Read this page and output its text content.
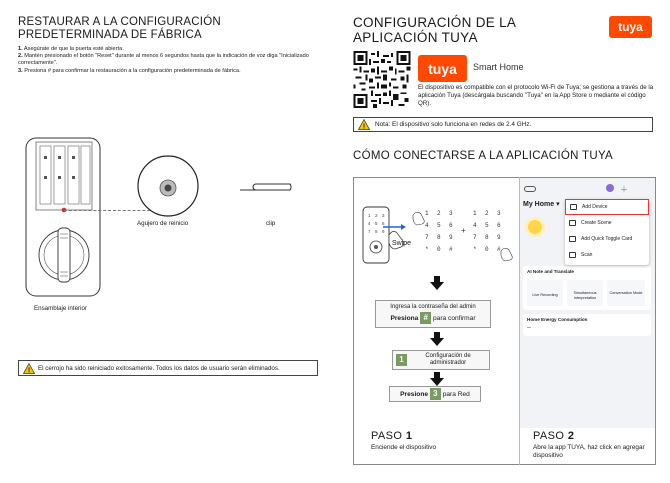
RESTAURAR A LA CONFIGURACIÓN PREDETERMINADA DE FÁBRICA
1. Asegúrate de que la puerta esté abierta.
2. Mantén presionado el botón "Reset" durante al menos 6 segundos hasta que la indicación de voz diga "Inicializado correctamente".
3. Presiona # para confirmar la restauración a la configuración predeterminada de fábrica.
Agujero de reinicio	clip
Ensamblaje interior
! El cerrojo ha sido reiniciado exitosamente. Todos los datos de usuario serán eliminados.
CONFIGURACIÓN DE LA APLICACIÓN TUYA
tuya
tuya	Smart Home
El dispositivo es compatible con el protocolo Wi-Fi de Tuya; se gestiona a través de la aplicación Tuya (descárgala buscando "Tuya" en la App Store o mediante el código QR).
! Nota: El dispositivo solo funciona en redes de 2.4 GHz.
CÓMO CONECTARSE A LA APLICACIÓN TUYA
1 2 3
4 5 6
7 8 9
1 2 3
4 5 6
7 8 9
* 0 #
1 2 3
4 5 6
7 8 9
* 0 #
+
Swipe
Ingresa la contraseña del admin
Presiona # para confirmar
1	Configuración de administrador
Presione
3
para Red
PASO 1
Enciende el dispositivo
＋
My Home ▾
AI Note and Translate
Live Recording	Simultaneous Interpretation
Conversation Mode
Home Energy Consumption
--
Add Device
Create Scene
Add Quick Toggle Card
Scan
PASO 2
Abre la app TUYA, haz click en agregar dispositivo
